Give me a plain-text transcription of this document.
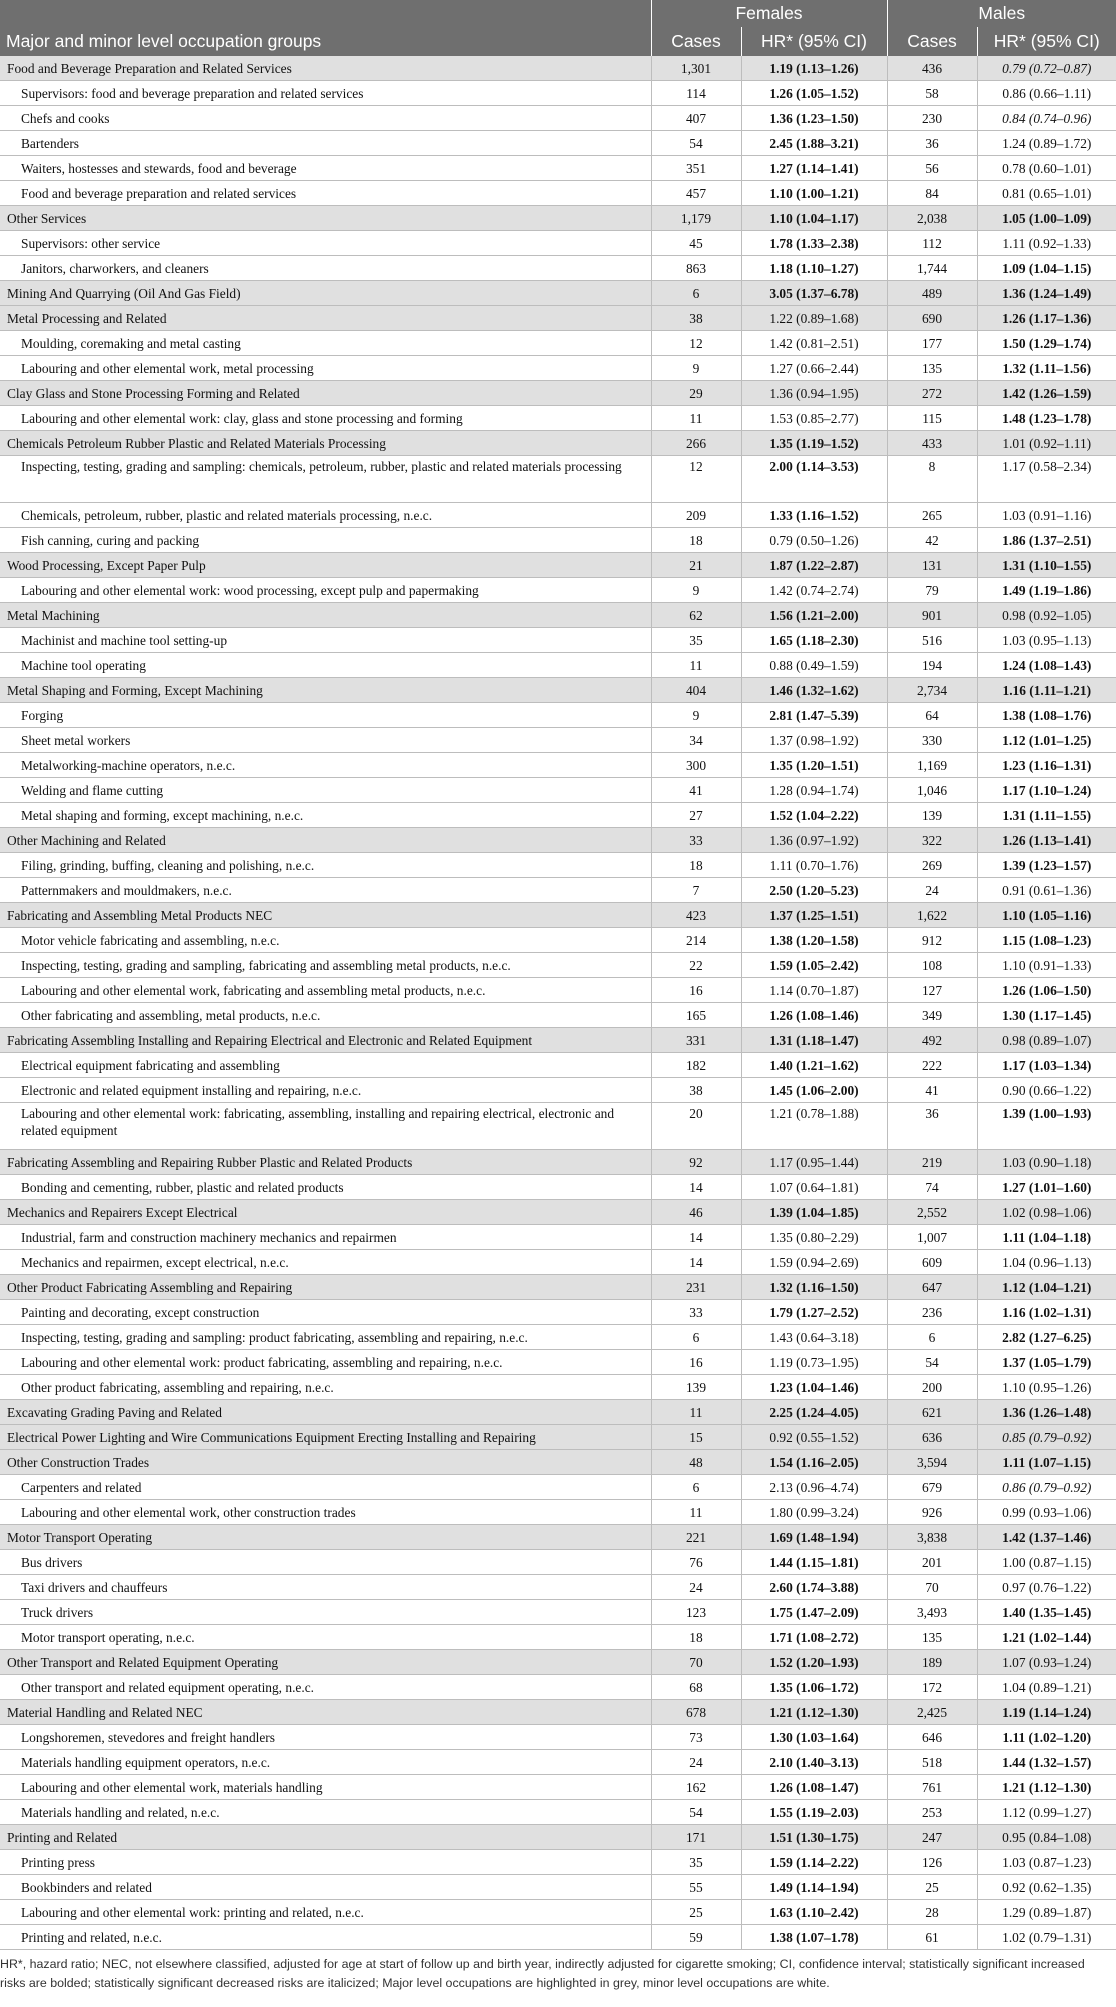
	Females		Males	
Major and minor level occupation groups	Cases	HR* (95% CI)	Cases	HR* (95% CI)
Food and Beverage Preparation and Related Services	1,301	1.19 (1.13–1.26)	436	0.79 (0.72–0.87)
Supervisors: food and beverage preparation and related services	114	1.26 (1.05–1.52)	58	0.86 (0.66–1.11)
Chefs and cooks	407	1.36 (1.23–1.50)	230	0.84 (0.74–0.96)
Bartenders	54	2.45 (1.88–3.21)	36	1.24 (0.89–1.72)
Waiters, hostesses and stewards, food and beverage	351	1.27 (1.14–1.41)	56	0.78 (0.60–1.01)
Food and beverage preparation and related services	457	1.10 (1.00–1.21)	84	0.81 (0.65–1.01)
Other Services	1,179	1.10 (1.04–1.17)	2,038	1.05 (1.00–1.09)
Supervisors: other service	45	1.78 (1.33–2.38)	112	1.11 (0.92–1.33)
Janitors, charworkers, and cleaners	863	1.18 (1.10–1.27)	1,744	1.09 (1.04–1.15)
Mining And Quarrying (Oil And Gas Field)	6	3.05 (1.37–6.78)	489	1.36 (1.24–1.49)
Metal Processing and Related	38	1.22 (0.89–1.68)	690	1.26 (1.17–1.36)
Moulding, coremaking and metal casting	12	1.42 (0.81–2.51)	177	1.50 (1.29–1.74)
Labouring and other elemental work, metal processing	9	1.27 (0.66–2.44)	135	1.32 (1.11–1.56)
Clay Glass and Stone Processing Forming and Related	29	1.36 (0.94–1.95)	272	1.42 (1.26–1.59)
Labouring and other elemental work: clay, glass and stone processing and forming	11	1.53 (0.85–2.77)	115	1.48 (1.23–1.78)
Chemicals Petroleum Rubber Plastic and Related Materials Processing	266	1.35 (1.19–1.52)	433	1.01 (0.92–1.11)
Inspecting, testing, grading and sampling: chemicals, petroleum, rubber, plastic and related materials processing	12	2.00 (1.14–3.53)	8	1.17 (0.58–2.34)
Chemicals, petroleum, rubber, plastic and related materials processing, n.e.c.	209	1.33 (1.16–1.52)	265	1.03 (0.91–1.16)
Fish canning, curing and packing	18	0.79 (0.50–1.26)	42	1.86 (1.37–2.51)
Wood Processing, Except Paper Pulp	21	1.87 (1.22–2.87)	131	1.31 (1.10–1.55)
Labouring and other elemental work: wood processing, except pulp and papermaking	9	1.42 (0.74–2.74)	79	1.49 (1.19–1.86)
Metal Machining	62	1.56 (1.21–2.00)	901	0.98 (0.92–1.05)
Machinist and machine tool setting-up	35	1.65 (1.18–2.30)	516	1.03 (0.95–1.13)
Machine tool operating	11	0.88 (0.49–1.59)	194	1.24 (1.08–1.43)
Metal Shaping and Forming, Except Machining	404	1.46 (1.32–1.62)	2,734	1.16 (1.11–1.21)
Forging	9	2.81 (1.47–5.39)	64	1.38 (1.08–1.76)
Sheet metal workers	34	1.37 (0.98–1.92)	330	1.12 (1.01–1.25)
Metalworking-machine operators, n.e.c.	300	1.35 (1.20–1.51)	1,169	1.23 (1.16–1.31)
Welding and flame cutting	41	1.28 (0.94–1.74)	1,046	1.17 (1.10–1.24)
Metal shaping and forming, except machining, n.e.c.	27	1.52 (1.04–2.22)	139	1.31 (1.11–1.55)
Other Machining and Related	33	1.36 (0.97–1.92)	322	1.26 (1.13–1.41)
Filing, grinding, buffing, cleaning and polishing, n.e.c.	18	1.11 (0.70–1.76)	269	1.39 (1.23–1.57)
Patternmakers and mouldmakers, n.e.c.	7	2.50 (1.20–5.23)	24	0.91 (0.61–1.36)
Fabricating and Assembling Metal Products NEC	423	1.37 (1.25–1.51)	1,622	1.10 (1.05–1.16)
Motor vehicle fabricating and assembling, n.e.c.	214	1.38 (1.20–1.58)	912	1.15 (1.08–1.23)
Inspecting, testing, grading and sampling, fabricating and assembling metal products, n.e.c.	22	1.59 (1.05–2.42)	108	1.10 (0.91–1.33)
Labouring and other elemental work, fabricating and assembling metal products, n.e.c.	16	1.14 (0.70–1.87)	127	1.26 (1.06–1.50)
Other fabricating and assembling, metal products, n.e.c.	165	1.26 (1.08–1.46)	349	1.30 (1.17–1.45)
Fabricating Assembling Installing and Repairing Electrical and Electronic and Related Equipment	331	1.31 (1.18–1.47)	492	0.98 (0.89–1.07)
Electrical equipment fabricating and assembling	182	1.40 (1.21–1.62)	222	1.17 (1.03–1.34)
Electronic and related equipment installing and repairing, n.e.c.	38	1.45 (1.06–2.00)	41	0.90 (0.66–1.22)
Labouring and other elemental work: fabricating, assembling, installing and repairing electrical, electronic and related equipment	20	1.21 (0.78–1.88)	36	1.39 (1.00–1.93)
Fabricating Assembling and Repairing Rubber Plastic and Related Products	92	1.17 (0.95–1.44)	219	1.03 (0.90–1.18)
Bonding and cementing, rubber, plastic and related products	14	1.07 (0.64–1.81)	74	1.27 (1.01–1.60)
Mechanics and Repairers Except Electrical	46	1.39 (1.04–1.85)	2,552	1.02 (0.98–1.06)
Industrial, farm and construction machinery mechanics and repairmen	14	1.35 (0.80–2.29)	1,007	1.11 (1.04–1.18)
Mechanics and repairmen, except electrical, n.e.c.	14	1.59 (0.94–2.69)	609	1.04 (0.96–1.13)
Other Product Fabricating Assembling and Repairing	231	1.32 (1.16–1.50)	647	1.12 (1.04–1.21)
Painting and decorating, except construction	33	1.79 (1.27–2.52)	236	1.16 (1.02–1.31)
Inspecting, testing, grading and sampling: product fabricating, assembling and repairing, n.e.c.	6	1.43 (0.64–3.18)	6	2.82 (1.27–6.25)
Labouring and other elemental work: product fabricating, assembling and repairing, n.e.c.	16	1.19 (0.73–1.95)	54	1.37 (1.05–1.79)
Other product fabricating, assembling and repairing, n.e.c.	139	1.23 (1.04–1.46)	200	1.10 (0.95–1.26)
Excavating Grading Paving and Related	11	2.25 (1.24–4.05)	621	1.36 (1.26–1.48)
Electrical Power Lighting and Wire Communications Equipment Erecting Installing and Repairing	15	0.92 (0.55–1.52)	636	0.85 (0.79–0.92)
Other Construction Trades	48	1.54 (1.16–2.05)	3,594	1.11 (1.07–1.15)
Carpenters and related	6	2.13 (0.96–4.74)	679	0.86 (0.79–0.92)
Labouring and other elemental work, other construction trades	11	1.80 (0.99–3.24)	926	0.99 (0.93–1.06)
Motor Transport Operating	221	1.69 (1.48–1.94)	3,838	1.42 (1.37–1.46)
Bus drivers	76	1.44 (1.15–1.81)	201	1.00 (0.87–1.15)
Taxi drivers and chauffeurs	24	2.60 (1.74–3.88)	70	0.97 (0.76–1.22)
Truck drivers	123	1.75 (1.47–2.09)	3,493	1.40 (1.35–1.45)
Motor transport operating, n.e.c.	18	1.71 (1.08–2.72)	135	1.21 (1.02–1.44)
Other Transport and Related Equipment Operating	70	1.52 (1.20–1.93)	189	1.07 (0.93–1.24)
Other transport and related equipment operating, n.e.c.	68	1.35 (1.06–1.72)	172	1.04 (0.89–1.21)
Material Handling and Related NEC	678	1.21 (1.12–1.30)	2,425	1.19 (1.14–1.24)
Longshoremen, stevedores and freight handlers	73	1.30 (1.03–1.64)	646	1.11 (1.02–1.20)
Materials handling equipment operators, n.e.c.	24	2.10 (1.40–3.13)	518	1.44 (1.32–1.57)
Labouring and other elemental work, materials handling	162	1.26 (1.08–1.47)	761	1.21 (1.12–1.30)
Materials handling and related, n.e.c.	54	1.55 (1.19–2.03)	253	1.12 (0.99–1.27)
Printing and Related	171	1.51 (1.30–1.75)	247	0.95 (0.84–1.08)
Printing press	35	1.59 (1.14–2.22)	126	1.03 (0.87–1.23)
Bookbinders and related	55	1.49 (1.14–1.94)	25	0.92 (0.62–1.35)
Labouring and other elemental work: printing and related, n.e.c.	25	1.63 (1.10–2.42)	28	1.29 (0.89–1.87)
Printing and related, n.e.c.	59	1.38 (1.07–1.78)	61	1.02 (0.79–1.31)
HR*, hazard ratio; NEC, not elsewhere classified, adjusted for age at start of follow up and birth year, indirectly adjusted for cigarette smoking; CI, confidence interval; statistically significant increased risks are bolded; statistically significant decreased risks are italicized; Major level occupations are highlighted in grey, minor level occupations are white.
